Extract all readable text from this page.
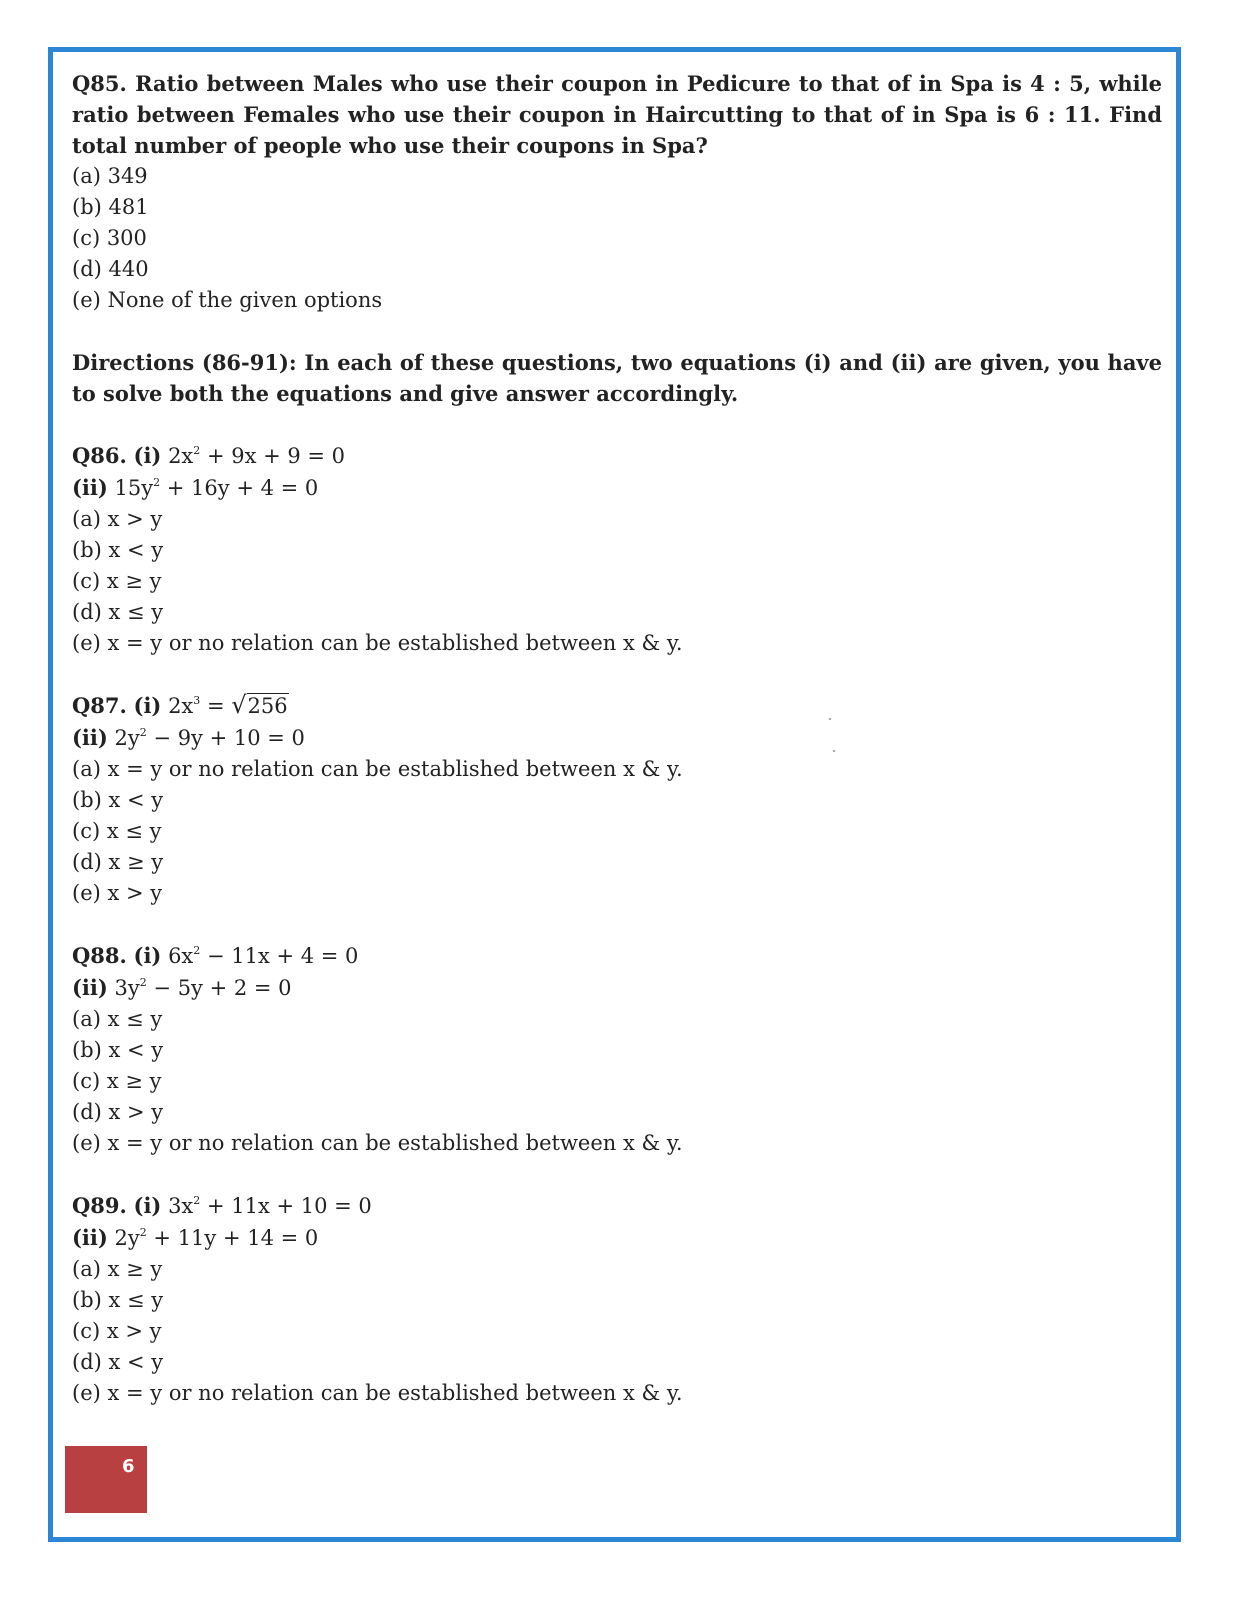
Q85. Ratio between Males who use their coupon in Pedicure to that of in Spa is 4 : 5, while ratio between Females who use their coupon in Haircutting to that of in Spa is 6 : 11. Find total number of people who use their coupons in Spa?
(a) 349
(b) 481
(c) 300
(d) 440
(e) None of the given options
Directions (86-91): In each of these questions, two equations (i) and (ii) are given, you have to solve both the equations and give answer accordingly.
Q86. (i) $2x^2 + 9x + 9 = 0$
(ii) $15y^2 + 16y + 4 = 0$
(a) x > y
(b) x < y
(c) x ≥ y
(d) x ≤ y
(e) x = y or no relation can be established between x & y.
Q87. (i) $2x^3 = √256$
(ii) $2y^2 - 9y + 10 = 0$
(a) x = y or no relation can be established between x & y.
(b) x < y
(c) x ≤ y
(d) x ≥ y
(e) x > y
Q88. (i) $6x^2 - 11x + 4 = 0$
(ii) $3y^2 - 5y + 2 = 0$
(a) x ≤ y
(b) x < y
(c) x ≥ y
(d) x > y
(e) x = y or no relation can be established between x & y.
Q89. (i) $3x^2 + 11x + 10 = 0$
(ii) $2y^2 + 11y + 14 = 0$
(a) x ≥ y
(b) x ≤ y
(c) x > y
(d) x < y
(e) x = y or no relation can be established between x & y.
6
